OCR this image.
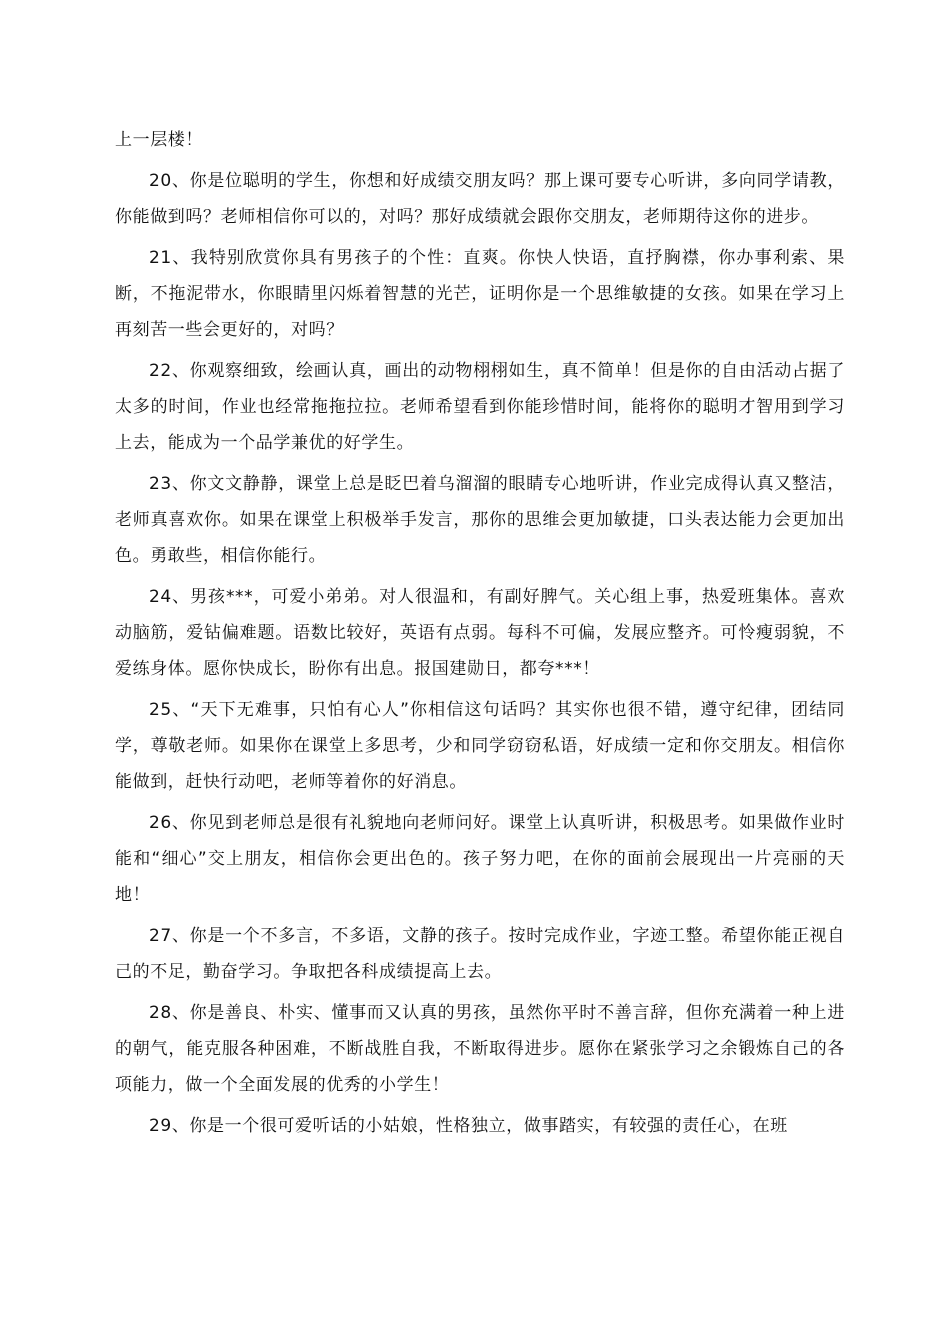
上一层楼！

20、你是位聪明的学生，你想和好成绩交朋友吗？那上课可要专心听讲，多向同学请教，你能做到吗？老师相信你可以的，对吗？那好成绩就会跟你交朋友，老师期待这你的进步。

21、我特别欣赏你具有男孩子的个性：直爽。你快人快语，直抒胸襟，你办事利索、果断，不拖泥带水，你眼睛里闪烁着智慧的光芒，证明你是一个思维敏捷的女孩。如果在学习上再刻苦一些会更好的，对吗？

22、你观察细致，绘画认真，画出的动物栩栩如生，真不简单！但是你的自由活动占据了太多的时间，作业也经常拖拖拉拉。老师希望看到你能珍惜时间，能将你的聪明才智用到学习上去，能成为一个品学兼优的好学生。

23、你文文静静，课堂上总是眨巴着乌溜溜的眼睛专心地听讲，作业完成得认真又整洁，老师真喜欢你。如果在课堂上积极举手发言，那你的思维会更加敏捷，口头表达能力会更加出色。勇敢些，相信你能行。

24、男孩***，可爱小弟弟。对人很温和，有副好脾气。关心组上事，热爱班集体。喜欢动脑筋，爱钻偏难题。语数比较好，英语有点弱。每科不可偏，发展应整齐。可怜瘦弱貌，不爱练身体。愿你快成长，盼你有出息。报国建勋日，都夸***！

25、“天下无难事，只怕有心人”你相信这句话吗？其实你也很不错，遵守纪律，团结同学，尊敬老师。如果你在课堂上多思考，少和同学窃窃私语，好成绩一定和你交朋友。相信你能做到，赶快行动吧，老师等着你的好消息。

26、你见到老师总是很有礼貌地向老师问好。课堂上认真听讲，积极思考。如果做作业时能和“细心”交上朋友，相信你会更出色的。孩子努力吧，在你的面前会展现出一片亮丽的天地！

27、你是一个不多言，不多语，文静的孩子。按时完成作业，字迹工整。希望你能正视自己的不足，勤奋学习。争取把各科成绩提高上去。

28、你是善良、朴实、懂事而又认真的男孩，虽然你平时不善言辞，但你充满着一种上进的朝气，能克服各种困难，不断战胜自我，不断取得进步。愿你在紧张学习之余锻炼自己的各项能力，做一个全面发展的优秀的小学生！

29、你是一个很可爱听话的小姑娘，性格独立，做事踏实，有较强的责任心，在班
